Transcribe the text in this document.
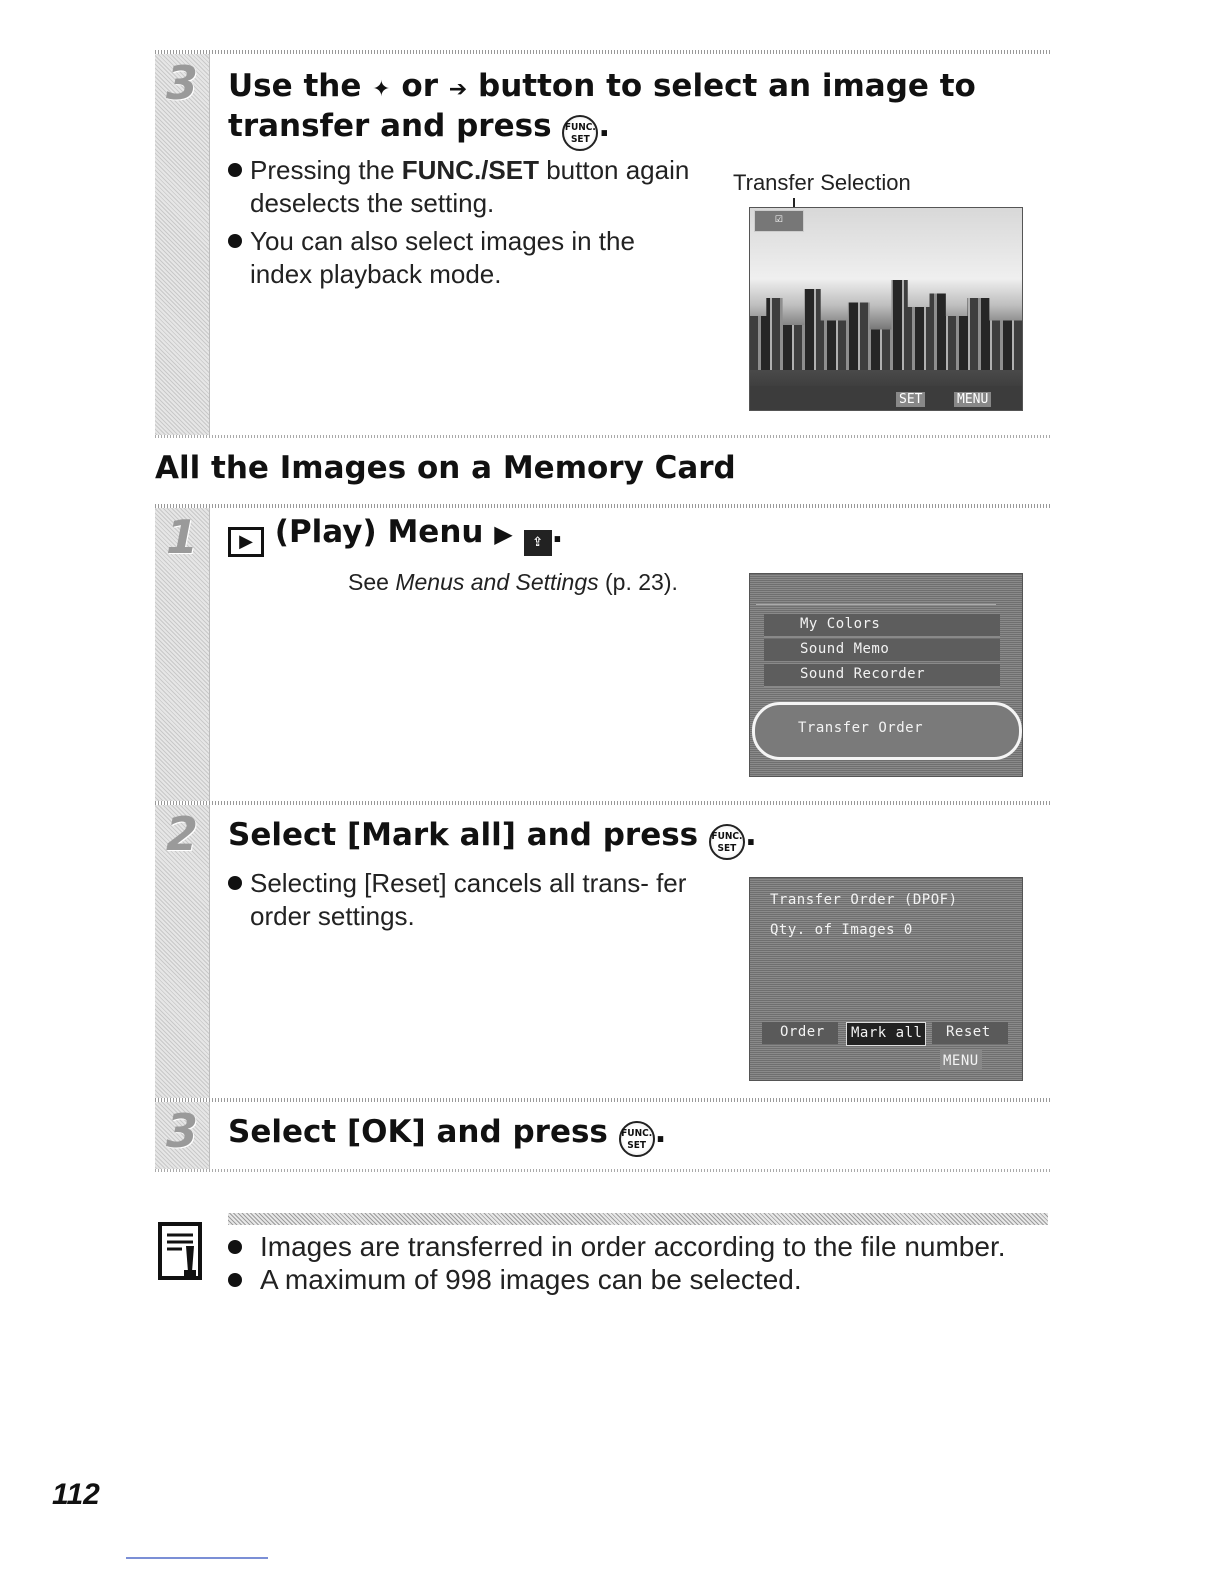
3 Use the ✦ or ➔ button to select an image to transfer and press FUNC.
SET .
Pressing the FUNC./SET button again deselects the setting.
You can also select images in the index playback mode.
Transfer Selection
☑
SET	MENU
All the Images on a Memory Card
1	▶ (Play) Menu ▶ ⇪ .
See Menus and Settings (p. 23).
My Colors
Sound Memo
Sound Recorder
Transfer Order
2 Select [Mark all] and press FUNC.
SET .
Selecting [Reset] cancels all trans- fer order settings.
Transfer Order (DPOF)
Qty. of Images 0
Order Mark all Reset
MENU
3 Select [OK] and press FUNC.
SET .
Images are transferred in order according to the file number.
A maximum of 998 images can be selected.
112
